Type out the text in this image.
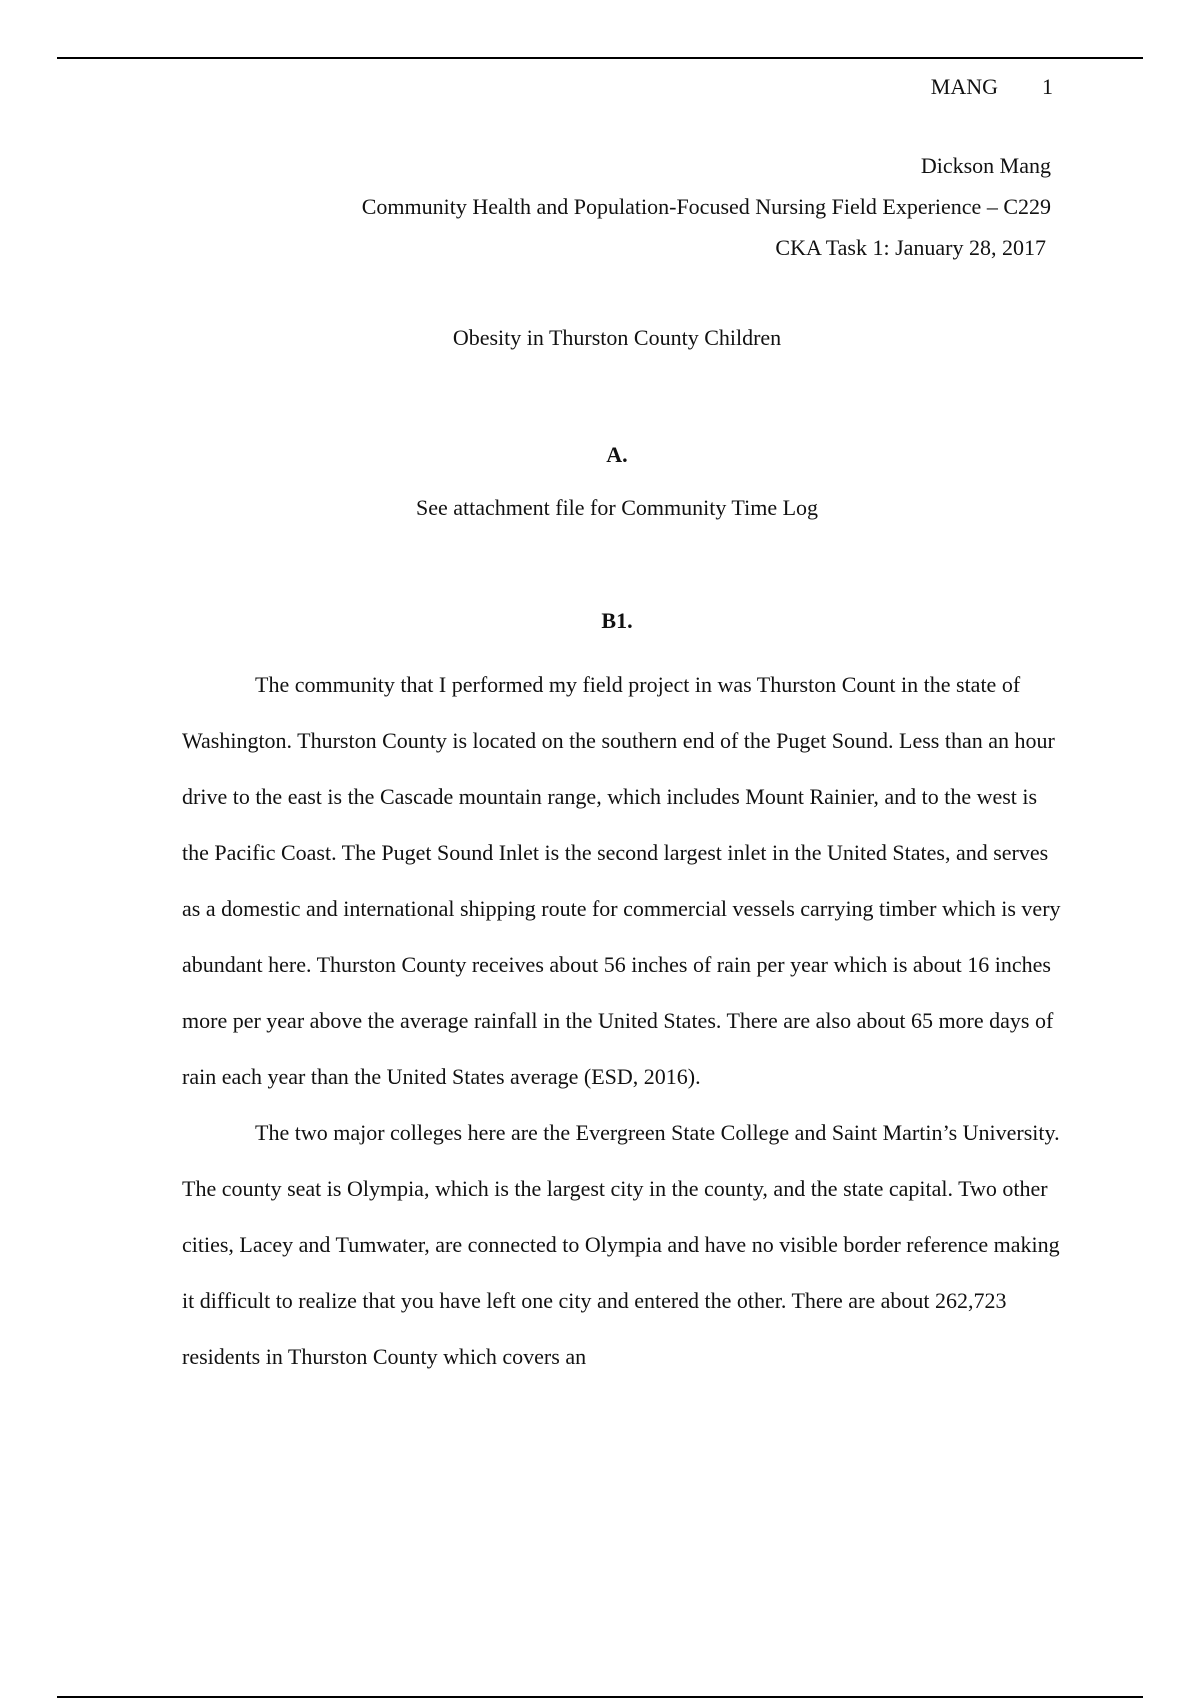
MANG 1
Dickson Mang
Community Health and Population-Focused Nursing Field Experience – C229
CKA Task 1: January 28, 2017
Obesity in Thurston County Children
A.
See attachment file for Community Time Log
B1.

The community that I performed my field project in was Thurston Count in the state of Washington. Thurston County is located on the southern end of the Puget Sound. Less than an hour drive to the east is the Cascade mountain range, which includes Mount Rainier, and to the west is the Pacific Coast. The Puget Sound Inlet is the second largest inlet in the United States, and serves as a domestic and international shipping route for commercial vessels carrying timber which is very abundant here. Thurston County receives about 56 inches of rain per year which is about 16 inches more per year above the average rainfall in the United States. There are also about 65 more days of rain each year than the United States average (ESD, 2016).

The two major colleges here are the Evergreen State College and Saint Martin’s University. The county seat is Olympia, which is the largest city in the county, and the state capital. Two other cities, Lacey and Tumwater, are connected to Olympia and have no visible border reference making it difficult to realize that you have left one city and entered the other. There are about 262,723 residents in Thurston County which covers an
